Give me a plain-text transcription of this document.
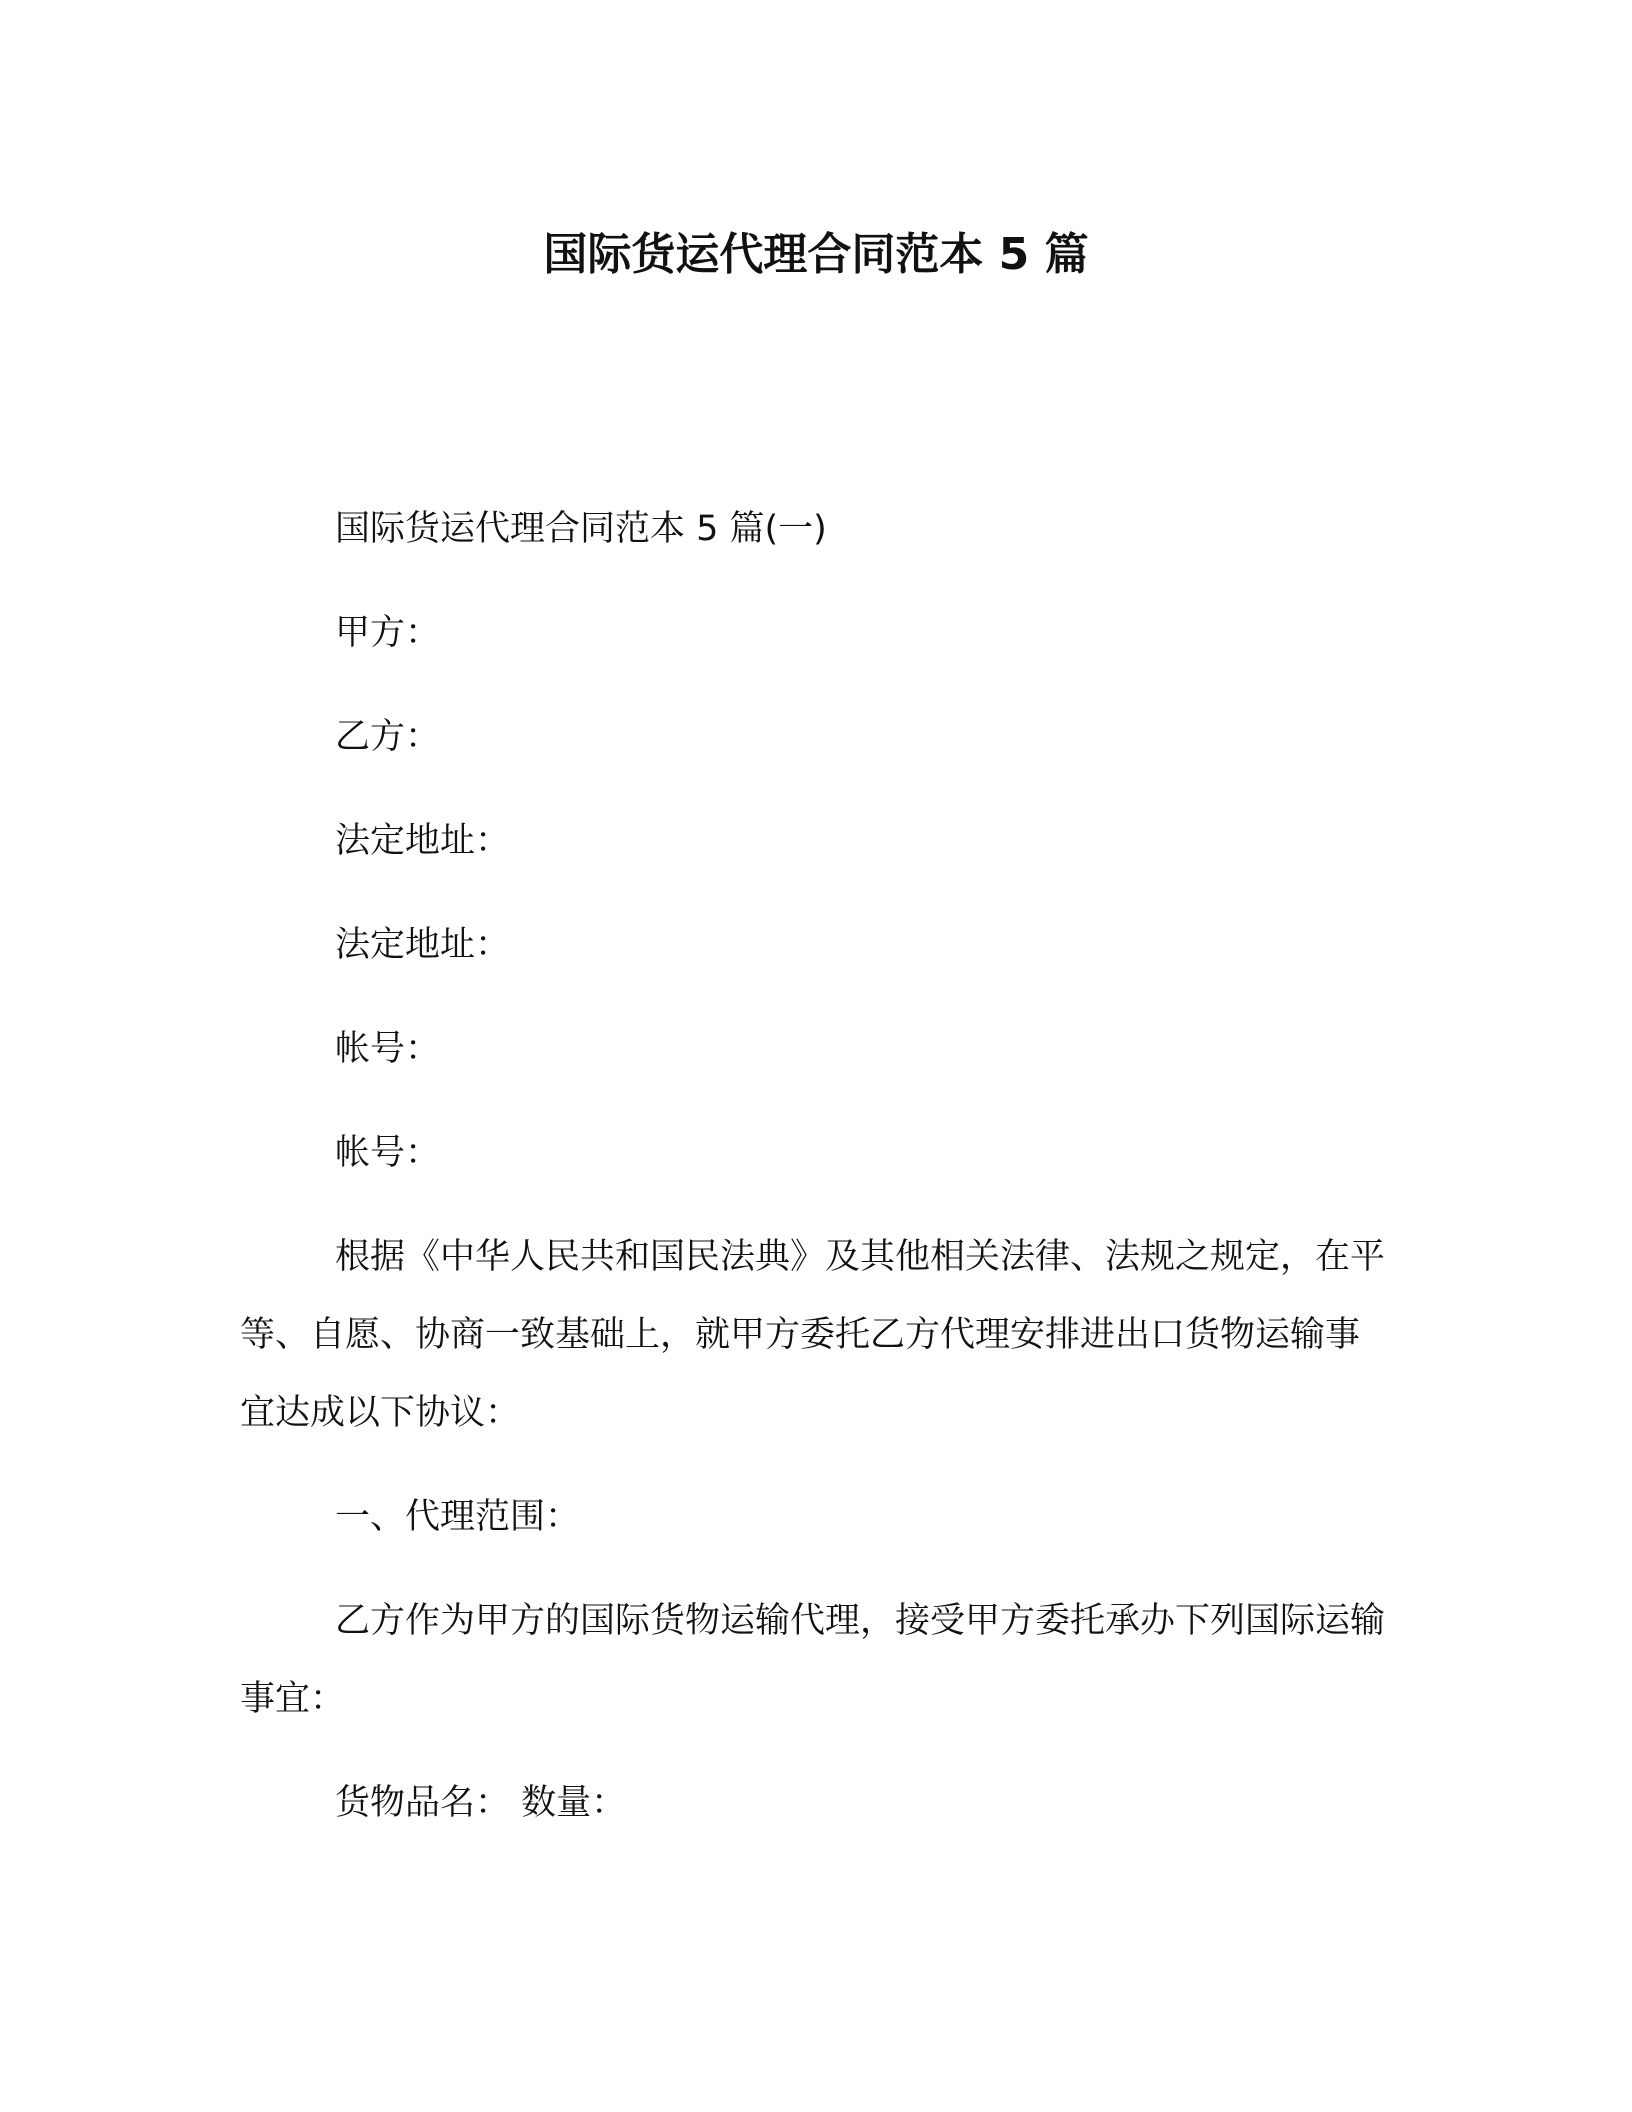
国际货运代理合同范本 5 篇

国际货运代理合同范本 5 篇(一)

甲方：

乙方：

法定地址：

法定地址：

帐号：

帐号：

根据《中华人民共和国民法典》及其他相关法律、法规之规定，在平等、自愿、协商一致基础上，就甲方委托乙方代理安排进出口货物运输事宜达成以下协议：

一、代理范围：

乙方作为甲方的国际货物运输代理，接受甲方委托承办下列国际运输事宜：

货物品名： 数量：
